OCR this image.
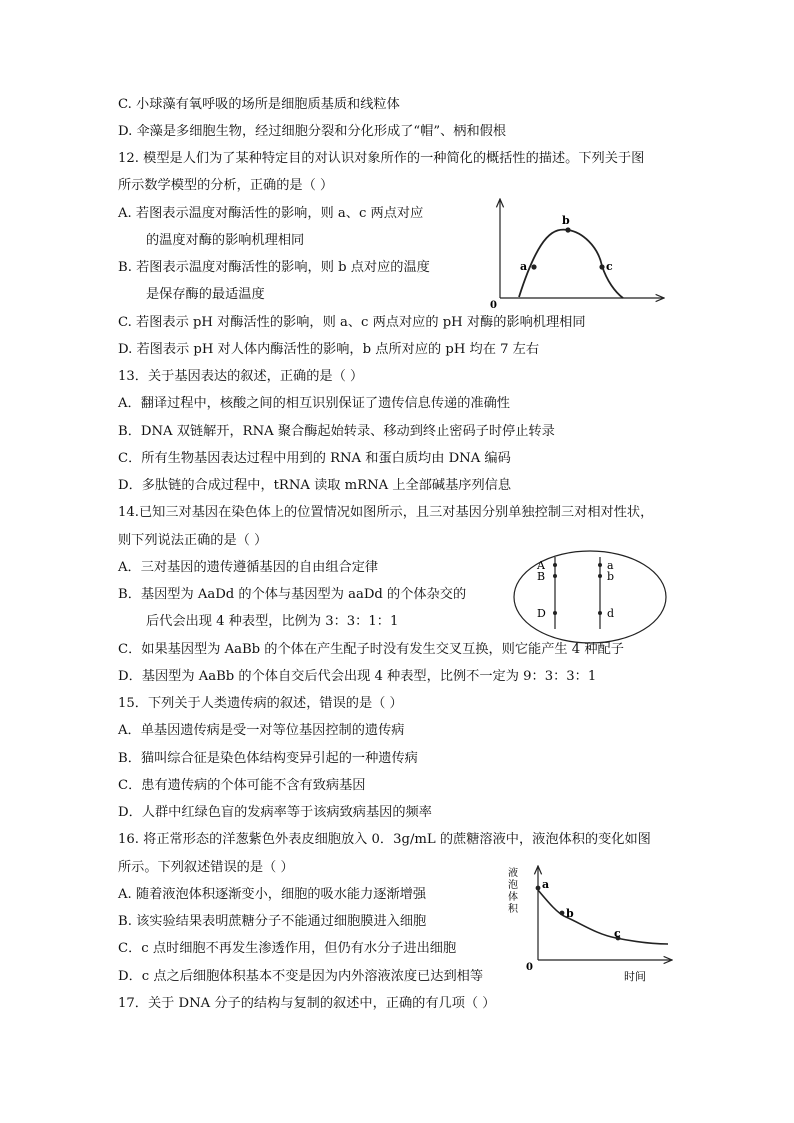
C. 小球藻有氧呼吸的场所是细胞质基质和线粒体
D. 伞藻是多细胞生物，经过细胞分裂和分化形成了“帽”、柄和假根
12. 模型是人们为了某种特定目的对认识对象所作的一种简化的概括性的描述。下列关于图
所示数学模型的分析，正确的是（ ）
A. 若图表示温度对酶活性的影响，则 a、c 两点对应
的温度对酶的影响机理相同
B. 若图表示温度对酶活性的影响，则 b 点对应的温度
是保存酶的最适温度
C. 若图表示 pH 对酶活性的影响，则 a、c 两点对应的 pH 对酶的影响机理相同
D. 若图表示 pH 对人体内酶活性的影响，b 点所对应的 pH 均在 7 左右
13．关于基因表达的叙述，正确的是（ ）
A．翻译过程中，核酸之间的相互识别保证了遗传信息传递的准确性
B．DNA 双链解开，RNA 聚合酶起始转录、移动到终止密码子时停止转录
C．所有生物基因表达过程中用到的 RNA 和蛋白质均由 DNA 编码
D．多肽链的合成过程中，tRNA 读取 mRNA 上全部碱基序列信息
14.已知三对基因在染色体上的位置情况如图所示，且三对基因分别单独控制三对相对性状，
则下列说法正确的是（ ）
A．三对基因的遗传遵循基因的自由组合定律
B．基因型为 AaDd 的个体与基因型为 aaDd 的个体杂交的
后代会出现 4 种表型，比例为 3：3：1：1
C．如果基因型为 AaBb 的个体在产生配子时没有发生交叉互换，则它能产生 4 种配子
D．基因型为 AaBb 的个体自交后代会出现 4 种表型，比例不一定为 9：3：3：1
15．下列关于人类遗传病的叙述，错误的是（ ）
A．单基因遗传病是受一对等位基因控制的遗传病
B．猫叫综合征是染色体结构变异引起的一种遗传病
C．患有遗传病的个体可能不含有致病基因
D．人群中红绿色盲的发病率等于该病致病基因的频率
16. 将正常形态的洋葱紫色外表皮细胞放入 0．3g/mL 的蔗糖溶液中，液泡体积的变化如图
所示。下列叙述错误的是（ ）
A. 随着液泡体积逐渐变小，细胞的吸水能力逐渐增强
B. 该实验结果表明蔗糖分子不能通过细胞膜进入细胞
C．c 点时细胞不再发生渗透作用，但仍有水分子进出细胞
D．c 点之后细胞体积基本不变是因为内外溶液浓度已达到相等
17．关于 DNA 分子的结构与复制的叙述中，正确的有几项（ ）
a
b
c
0
A
B
D
a
b
d
a
b
c
液
泡
体
积
0
时间
